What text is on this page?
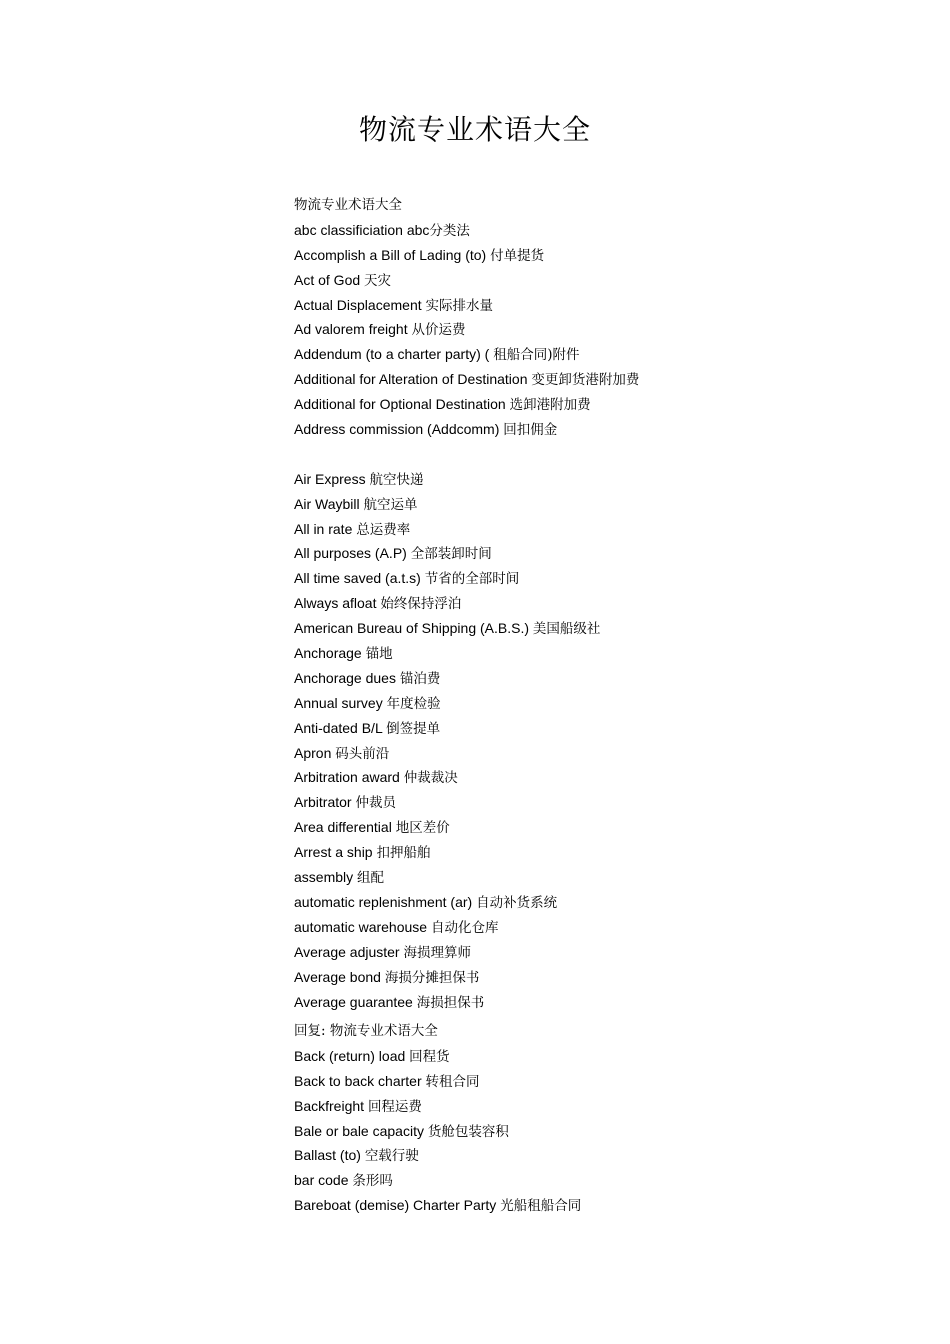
物流专业术语大全
物流专业术语大全
abc classificiation abc分类法
Accomplish a Bill of Lading (to) 付单提货
Act of God 天灾
Actual Displacement 实际排水量
Ad valorem freight 从价运费
Addendum (to a charter party) ( 租船合同)附件
Additional for Alteration of Destination 变更卸货港附加费
Additional for Optional Destination 选卸港附加费
Address commission (Addcomm) 回扣佣金
Air Express 航空快递
Air Waybill 航空运单
All in rate 总运费率
All purposes (A.P) 全部装卸时间
All time saved (a.t.s) 节省的全部时间
Always afloat 始终保持浮泊
American Bureau of Shipping (A.B.S.) 美国船级社
Anchorage 锚地
Anchorage dues 锚泊费
Annual survey 年度检验
Anti-dated B/L 倒签提单
Apron 码头前沿
Arbitration award 仲裁裁决
Arbitrator 仲裁员
Area differential 地区差价
Arrest a ship 扣押船舶
assembly 组配
automatic replenishment (ar) 自动补货系统
automatic warehouse 自动化仓库
Average adjuster 海损理算师
Average bond 海损分摊担保书
Average guarantee 海损担保书
回复: 物流专业术语大全
Back (return) load 回程货
Back to back charter 转租合同
Backfreight 回程运费
Bale or bale capacity 货舱包装容积
Ballast (to) 空载行驶
bar code 条形吗
Bareboat (demise) Charter Party 光船租船合同
